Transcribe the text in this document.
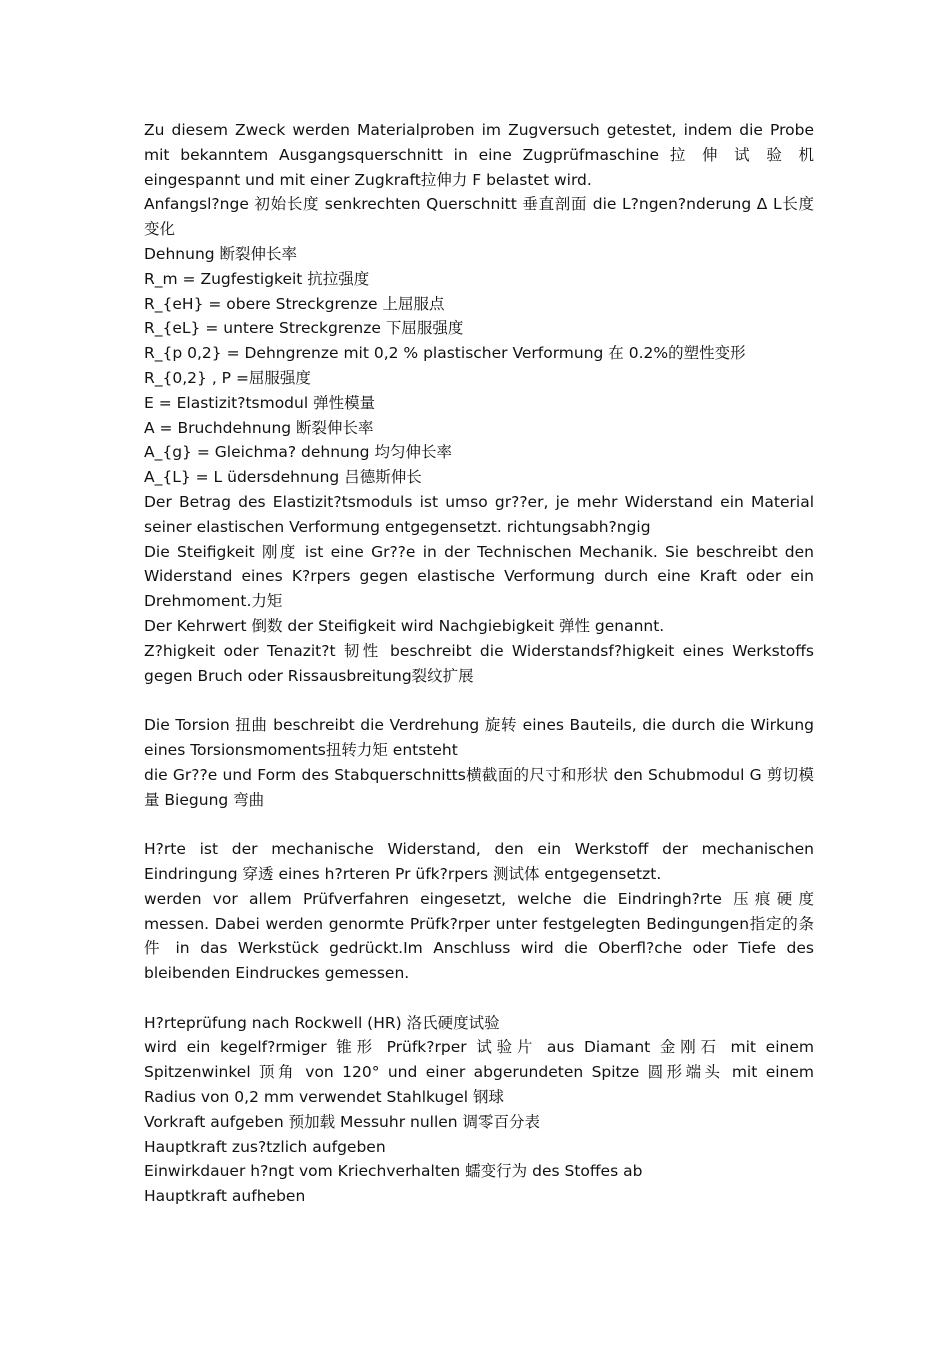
Zu diesem Zweck werden Materialproben im Zugversuch getestet, indem die Probe mit bekanntem Ausgangsquerschnitt in eine Zugprüfmaschine 拉 伸 试 验 机 eingespannt und mit einer Zugkraft拉伸力 F belastet wird.

Anfangsl?nge 初始长度 senkrechten Querschnitt 垂直剖面 die L?ngen?nderung Δ L长度变化

Dehnung 断裂伸长率

R_m = Zugfestigkeit 抗拉强度

R_{eH} = obere Streckgrenze 上屈服点

R_{eL} = untere Streckgrenze 下屈服强度

R_{p 0,2} = Dehngrenze mit 0,2 % plastischer Verformung 在 0.2%的塑性变形

R_{0,2} , P =屈服强度

E = Elastizit?tsmodul 弹性模量

A = Bruchdehnung 断裂伸长率

A_{g} = Gleichma? dehnung 均匀伸长率

A_{L} = L üdersdehnung 吕德斯伸长

Der Betrag des Elastizit?tsmoduls ist umso gr??er, je mehr Widerstand ein Material seiner elastischen Verformung entgegensetzt. richtungsabh?ngig

Die Steifigkeit 刚度 ist eine Gr??e in der Technischen Mechanik. Sie beschreibt den Widerstand eines K?rpers gegen elastische Verformung durch eine Kraft oder ein Drehmoment.力矩

Der Kehrwert 倒数 der Steifigkeit wird Nachgiebigkeit 弹性 genannt.

Z?higkeit oder Tenazit?t 韧性 beschreibt die Widerstandsf?higkeit eines Werkstoffs gegen Bruch oder Rissausbreitung裂纹扩展

Die Torsion 扭曲 beschreibt die Verdrehung 旋转 eines Bauteils, die durch die Wirkung eines Torsionsmoments扭转力矩 entsteht

die Gr??e und Form des Stabquerschnitts横截面的尺寸和形状 den Schubmodul G 剪切模量 Biegung 弯曲

H?rte ist der mechanische Widerstand, den ein Werkstoff der mechanischen Eindringung 穿透 eines h?rteren Pr üfk?rpers 测试体 entgegensetzt.

werden vor allem Prüfverfahren eingesetzt, welche die Eindringh?rte 压痕硬度 messen. Dabei werden genormte Prüfk?rper unter festgelegten Bedingungen指定的条件 in das Werkstück gedrückt.Im Anschluss wird die Oberfl?che oder Tiefe des bleibenden Eindruckes gemessen.

H?rteprüfung nach Rockwell (HR) 洛氏硬度试验

wird ein kegelf?rmiger 锥形 Prüfk?rper 试验片 aus Diamant 金刚石 mit einem Spitzenwinkel 顶角 von 120° und einer abgerundeten Spitze 圆形端头 mit einem Radius von 0,2 mm verwendet Stahlkugel 钢球

Vorkraft aufgeben 预加载 Messuhr nullen 调零百分表

Hauptkraft zus?tzlich aufgeben

Einwirkdauer h?ngt vom Kriechverhalten 蠕变行为 des Stoffes ab

Hauptkraft aufheben
